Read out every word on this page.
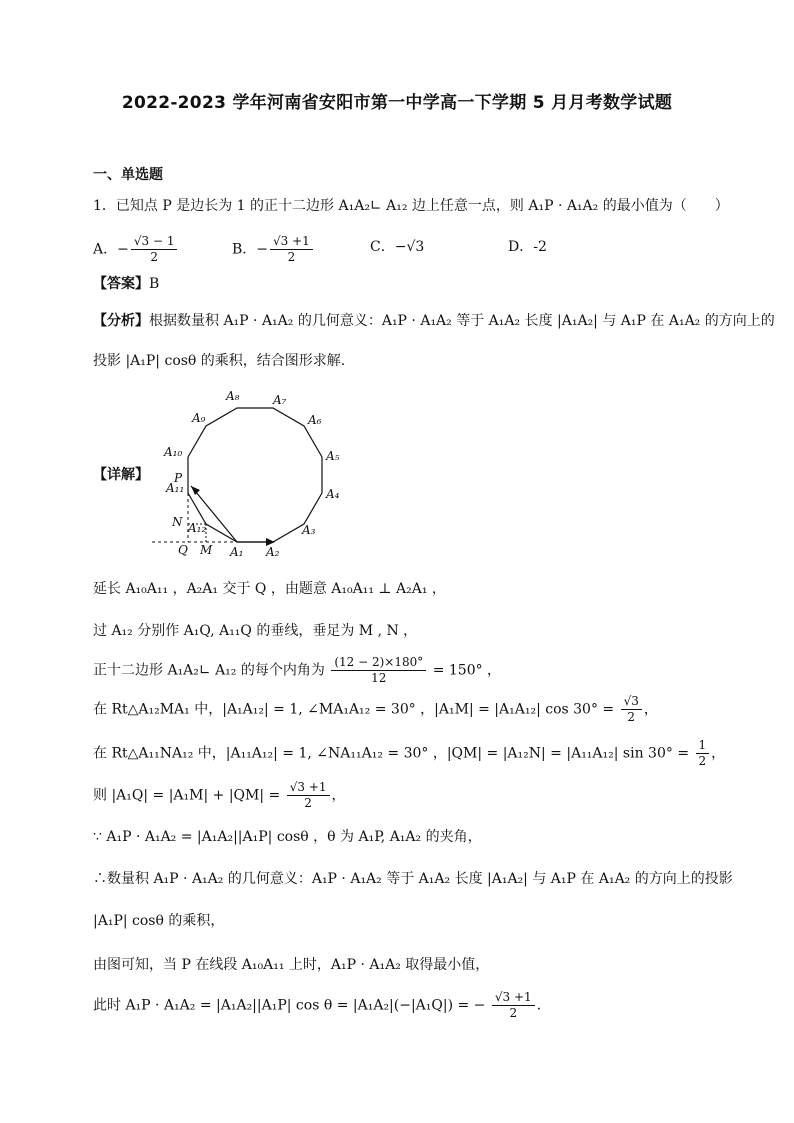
2022-2023 学年河南省安阳市第一中学高一下学期 5 月月考数学试题
一、单选题
1．已知点 P 是边长为 1 的正十二边形 A₁A₂∟ A₁₂ 边上任意一点，则 A₁P · A₁A₂ 的最小值为（　　）
A．− $\frac{√3 - 1}{2}$	B．− $\frac{√3 +1}{2}$	C．−√3	D．-2
【答案】B
【分析】根据数量积 A₁P · A₁A₂ 的几何意义：A₁P · A₁A₂ 等于 A₁A₂ 长度 |A₁A₂| 与 A₁P 在 A₁A₂ 的方向上的
投影 |A₁P| cosθ 的乘积，结合图形求解.
【详解】
A₁ A₂
A₃
A₄
A₅
A₆
A₇
A₈
A₉
A₁₀
A₁₁
A₁₂
P
Q M
N
延长 A₁₀A₁₁ ，A₂A₁ 交于 Q ，由题意 A₁₀A₁₁ ⊥ A₂A₁ ，
过 A₁₂ 分别作 A₁Q, A₁₁Q 的垂线，垂足为 M , N ，
正十二边形 A₁A₂∟ A₁₂ 的每个内角为 $\frac{(12 - 2)\times 180^\circ}{12} = 150^\circ$ ，
在 Rt△A₁₂MA₁ 中，|A₁A₁₂| = 1, ∠MA₁A₁₂ = 30° ，|A₁M| = |A₁A₁₂| $\cos 30^\circ = \frac{√3}{2}$ ，
在 Rt△A₁₁NA₁₂ 中，|A₁₁A₁₂| = 1, ∠NA₁₁A₁₂ = 30° ，|QM| = |A₁₂N| = |A₁₁A₁₂| $\sin 30^\circ = \frac{1}{2}$ ，
则 $|A_1Q| = |A_1M| + |QM| = \frac{√3 +1}{2}$ ，
∵ A₁P · A₁A₂ = |A₁A₂||A₁P| cosθ ，θ 为 A₁P, A₁A₂ 的夹角，
∴数量积 A₁P · A₁A₂ 的几何意义：A₁P · A₁A₂ 等于 A₁A₂ 长度 |A₁A₂| 与 A₁P 在 A₁A₂ 的方向上的投影
|A₁P| cosθ 的乘积，
由图可知，当 P 在线段 A₁₀A₁₁ 上时，A₁P · A₁A₂ 取得最小值，
此时 A₁P · A₁A₂ = |A₁A₂||A₁P| cos θ = |A₁A₂|(−|A₁Q|) = − $\frac{√3 +1}{2}$ .
